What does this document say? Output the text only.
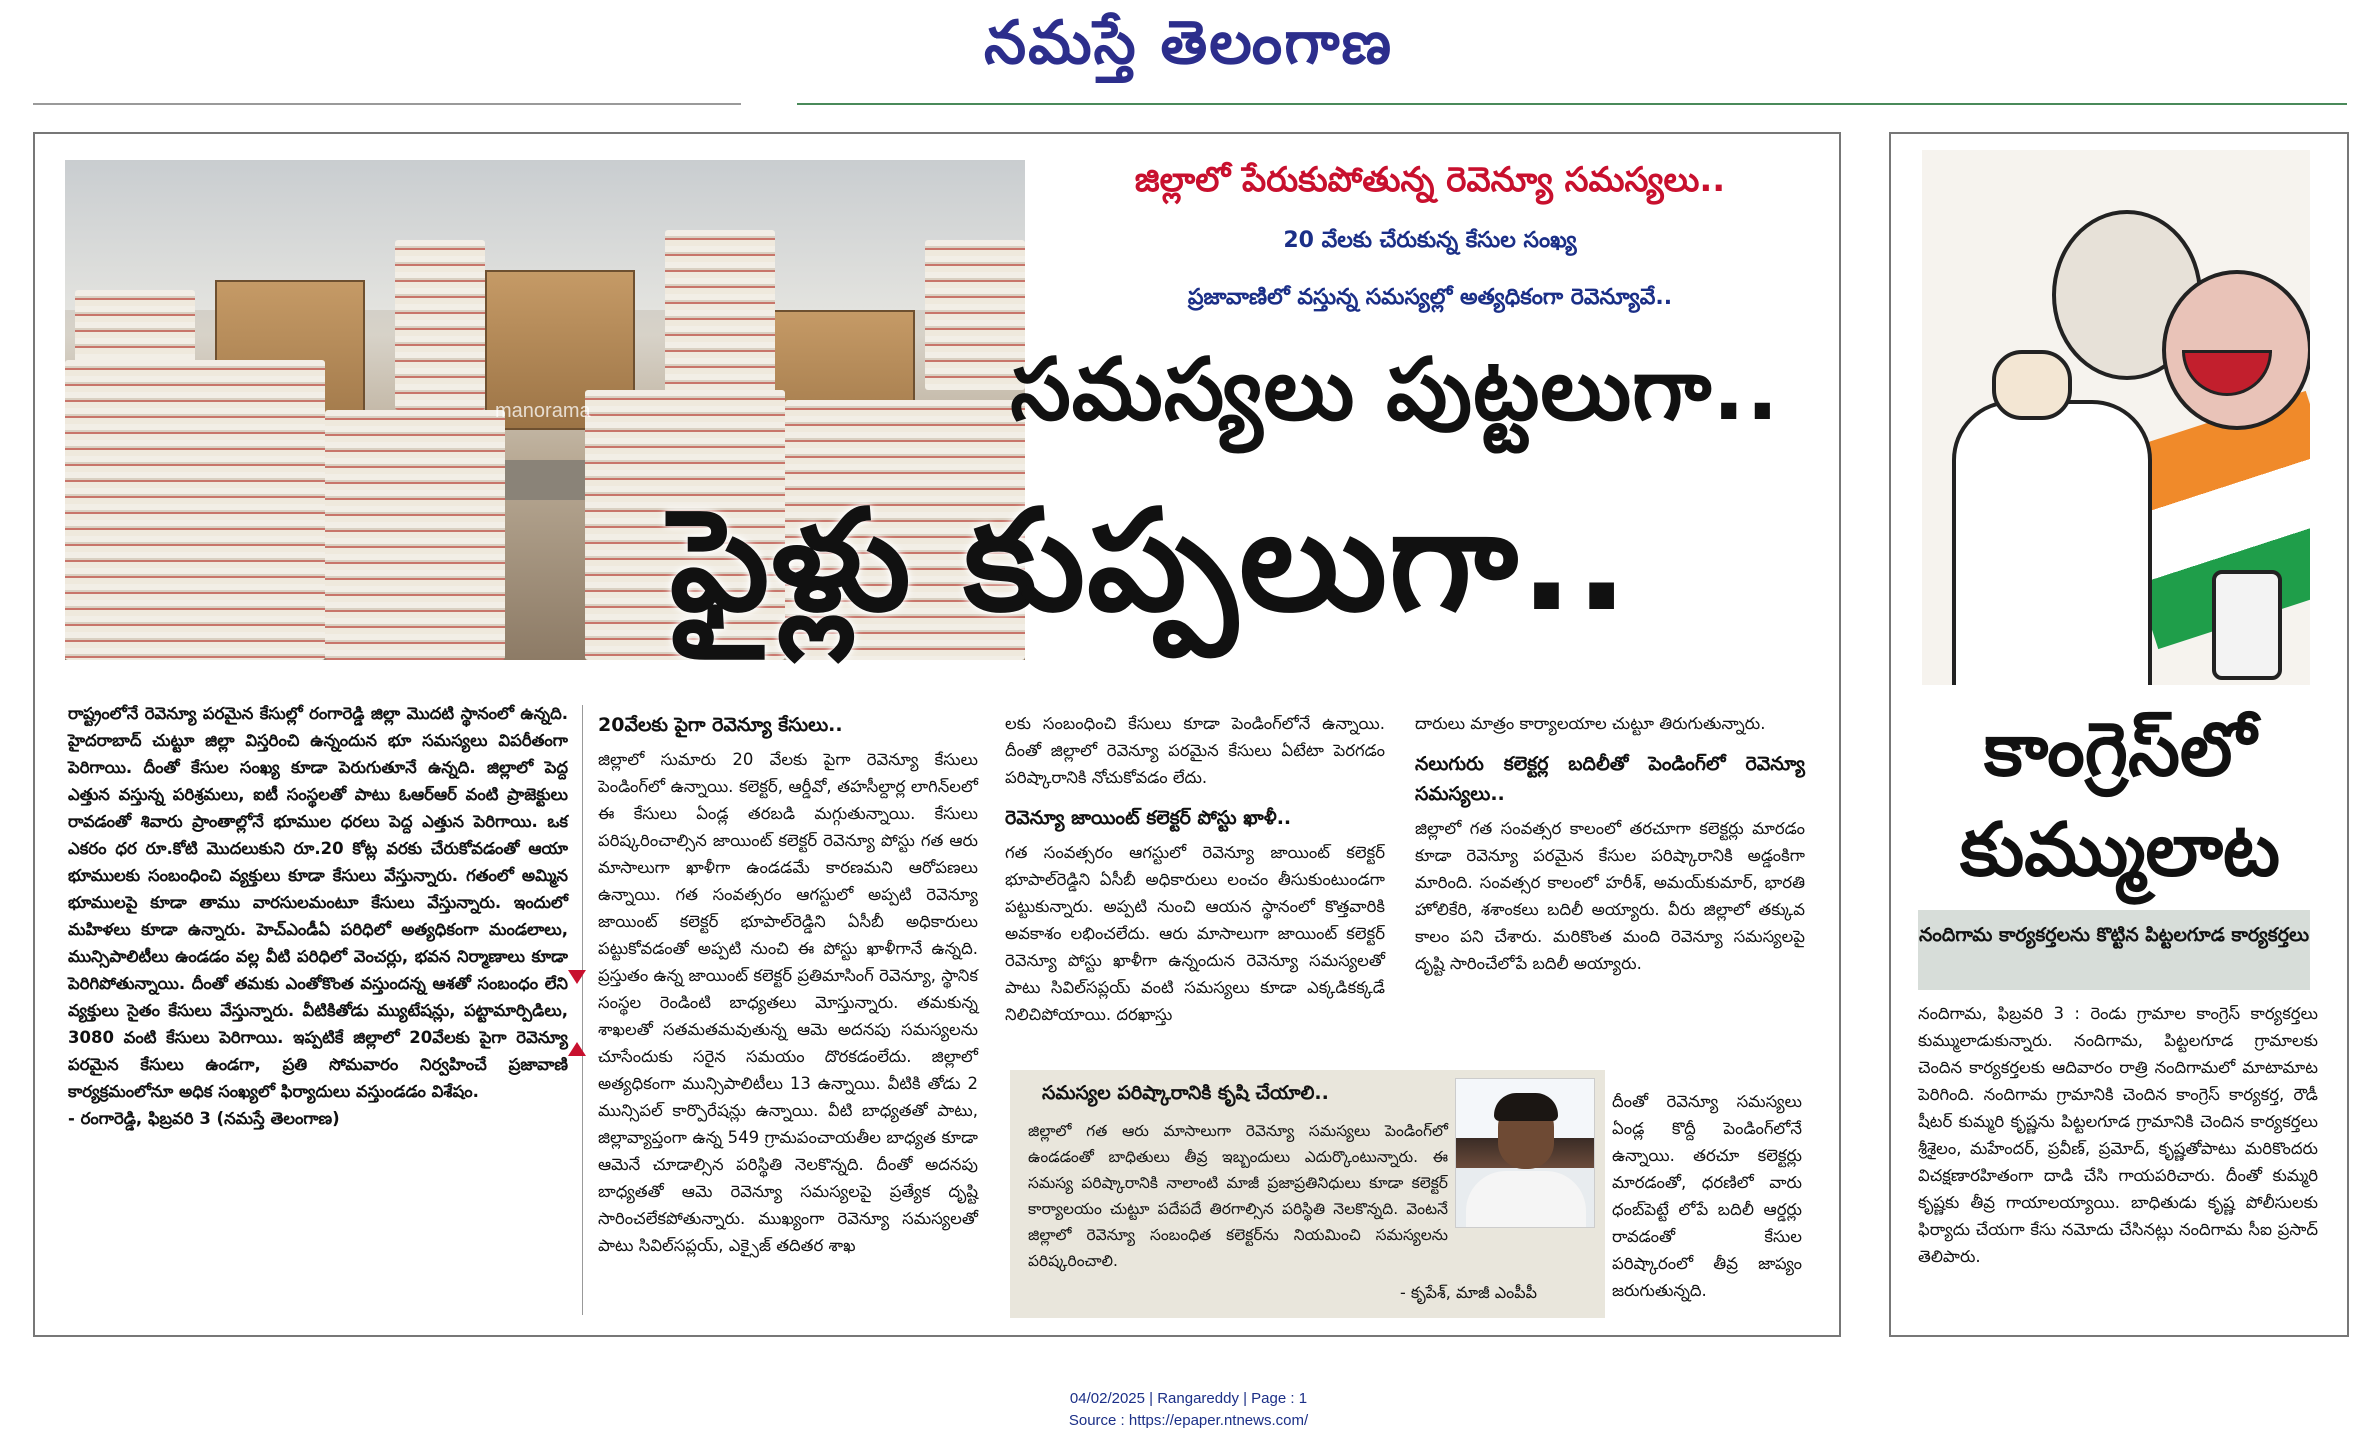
నమస్తే తెలంగాణ
manorama
జిల్లాలో పేరుకుపోతున్న రెవెన్యూ సమస్యలు..
20 వేలకు చేరుకున్న కేసుల సంఖ్య
ప్రజావాణిలో వస్తున్న సమస్యల్లో అత్యధికంగా రెవెన్యూవే..
సమస్యలు పుట్టలుగా..
ఫైళ్లు కుప్పలుగా..

రాష్ట్రంలోనే రెవెన్యూ పరమైన కేసుల్లో రంగారెడ్డి జిల్లా మొదటి స్థానంలో ఉన్నది. హైదరాబాద్ చుట్టూ జిల్లా విస్తరించి ఉన్నందున భూ సమస్యలు విపరీతంగా పెరిగాయి. దీంతో కేసుల సంఖ్య కూడా పెరుగుతూనే ఉన్నది. జిల్లాలో పెద్ద ఎత్తున వస్తున్న పరిశ్రమలు, ఐటీ సంస్థలతో పాటు ఓఆర్ఆర్ వంటి ప్రాజెక్టులు రావడంతో శివారు ప్రాంతాల్లోనే భూముల ధరలు పెద్ద ఎత్తున పెరిగాయి. ఒక ఎకరం ధర రూ.కోటి మొదలుకుని రూ.20 కోట్ల వరకు చేరుకోవడంతో ఆయా భూములకు సంబంధించి వ్యక్తులు కూడా కేసులు వేస్తున్నారు. గతంలో అమ్మిన భూములపై కూడా తాము వారసులమంటూ కేసులు వేస్తున్నారు. ఇందులో మహిళలు కూడా ఉన్నారు. హెచ్ఎండీఏ పరిధిలో అత్యధికంగా మండలాలు, మున్సిపాలిటీలు ఉండడం వల్ల వీటి పరిధిలో వెంచర్లు, భవన నిర్మాణాలు కూడా పెరిగిపోతున్నాయి. దీంతో తమకు ఎంతోకొంత వస్తుందన్న ఆశతో సంబంధం లేని వ్యక్తులు సైతం కేసులు వేస్తున్నారు. వీటికితోడు మ్యుటేషన్లు, పట్టామార్పిడిలు, 3080 వంటి కేసులు పెరిగాయి. ఇప్పటికే జిల్లాలో 20వేలకు పైగా రెవెన్యూ పరమైన కేసులు ఉండగా, ప్రతి సోమవారం నిర్వహించే ప్రజావాణి కార్యక్రమంలోనూ అధిక సంఖ్యలో ఫిర్యాదులు వస్తుండడం విశేషం.

- రంగారెడ్డి, ఫిబ్రవరి 3 (నమస్తే తెలంగాణ)

20వేలకు పైగా రెవెన్యూ కేసులు..

జిల్లాలో సుమారు 20 వేలకు పైగా రెవెన్యూ కేసులు పెండింగ్‌లో ఉన్నాయి. కలెక్టర్, ఆర్డీవో, తహసీల్దార్ల లాగిన్‌లలో ఈ కేసులు ఏండ్ల తరబడి మగ్గుతున్నాయి. కేసులు పరిష్కరించాల్సిన జాయింట్ కలెక్టర్ రెవెన్యూ పోస్టు గత ఆరు మాసాలుగా ఖాళీగా ఉండడమే కారణమని ఆరోపణలు ఉన్నాయి. గత సంవత్సరం ఆగస్టులో అప్పటి రెవెన్యూ జాయింట్ కలెక్టర్ భూపాల్‌రెడ్డిని ఏసీబీ అధికారులు పట్టుకోవడంతో అప్పటి నుంచి ఈ పోస్టు ఖాళీగానే ఉన్నది. ప్రస్తుతం ఉన్న జాయింట్ కలెక్టర్ ప్రతిమాసింగ్ రెవెన్యూ, స్థానిక సంస్థల రెండింటి బాధ్యతలు మోస్తున్నారు. తమకున్న శాఖలతో సతమతమవుతున్న ఆమె అదనపు సమస్యలను చూసేందుకు సరైన సమయం దొరకడంలేదు. జిల్లాలో అత్యధికంగా మున్సిపాలిటీలు 13 ఉన్నాయి. వీటికి తోడు 2 మున్సిపల్ కార్పొరేషన్లు ఉన్నాయి. వీటి బాధ్యతతో పాటు, జిల్లావ్యాప్తంగా ఉన్న 549 గ్రామపంచాయతీల బాధ్యత కూడా ఆమెనే చూడాల్సిన పరిస్థితి నెలకొన్నది. దీంతో అదనపు బాధ్యతతో ఆమె రెవెన్యూ సమస్యలపై ప్రత్యేక దృష్టి సారించలేకపోతున్నారు. ముఖ్యంగా రెవెన్యూ సమస్యలతో పాటు సివిల్‌సప్లయ్, ఎక్సైజ్ తదితర శాఖ

లకు సంబంధించి కేసులు కూడా పెండింగ్‌లోనే ఉన్నాయి. దీంతో జిల్లాలో రెవెన్యూ పరమైన కేసులు ఏటేటా పెరగడం పరిష్కారానికి నోచుకోవడం లేదు.

రెవెన్యూ జాయింట్ కలెక్టర్ పోస్టు ఖాళీ..

గత సంవత్సరం ఆగస్టులో రెవెన్యూ జాయింట్ కలెక్టర్ భూపాల్‌రెడ్డిని ఏసీబీ అధికారులు లంచం తీసుకుంటుండగా పట్టుకున్నారు. అప్పటి నుంచి ఆయన స్థానంలో కొత్తవారికి అవకాశం లభించలేదు. ఆరు మాసాలుగా జాయింట్ కలెక్టర్ రెవెన్యూ పోస్టు ఖాళీగా ఉన్నందున రెవెన్యూ సమస్యలతో పాటు సివిల్‌సప్లయ్ వంటి సమస్యలు కూడా ఎక్కడికక్కడే నిలిచిపోయాయి. దరఖాస్తు

దారులు మాత్రం కార్యాలయాల చుట్టూ తిరుగుతున్నారు.

నలుగురు కలెక్టర్ల బదిలీతో పెండింగ్‌లో రెవెన్యూ సమస్యలు..

జిల్లాలో గత సంవత్సర కాలంలో తరచూగా కలెక్టర్లు మారడం కూడా రెవెన్యూ పరమైన కేసుల పరిష్కారానికి అడ్డంకిగా మారింది. సంవత్సర కాలంలో హరీశ్, అమయ్‌కుమార్, భారతి హోలికేరి, శశాంకలు బదిలీ అయ్యారు. వీరు జిల్లాలో తక్కువ కాలం పని చేశారు. మరికొంత మంది రెవెన్యూ సమస్యలపై దృష్టి సారించేలోపే బదిలీ అయ్యారు.

దీంతో రెవెన్యూ సమస్యలు ఏండ్ల కొద్దీ పెండింగ్‌లోనే ఉన్నాయి. తరచూ కలెక్టర్లు మారడంతో, ధరణిలో వారు ధంబ్‌పెట్టే లోపే బదిలీ ఆర్డర్లు రావడంతో కేసుల పరిష్కారంలో తీవ్ర జాప్యం జరుగుతున్నది.

సమస్యల పరిష్కారానికి కృషి చేయాలి..
జిల్లాలో గత ఆరు మాసాలుగా రెవెన్యూ సమస్యలు పెండింగ్‌లో ఉండడంతో బాధితులు తీవ్ర ఇబ్బందులు ఎదుర్కొంటున్నారు. ఈ సమస్య పరిష్కారానికి నాలాంటి మాజీ ప్రజాప్రతినిధులు కూడా కలెక్టర్ కార్యాలయం చుట్టూ పదేపదే తిరగాల్సిన పరిస్థితి నెలకొన్నది. వెంటనే జిల్లాలో రెవెన్యూ సంబంధిత కలెక్టర్‌ను నియమించి సమస్యలను పరిష్కరించాలి.
- కృపేశ్, మాజీ ఎంపీపీ
కాంగ్రెస్‌లో
కుమ్ములాట
నందిగామ కార్యకర్తలను కొట్టిన పిట్టలగూడ కార్యకర్తలు
నందిగామ, ఫిబ్రవరి 3 : రెండు గ్రామాల కాంగ్రెస్ కార్యకర్తలు కుమ్ములాడుకున్నారు. నందిగామ, పిట్టలగూడ గ్రామాలకు చెందిన కార్యకర్తలకు ఆదివారం రాత్రి నందిగామలో మాటామాట పెరిగింది. నందిగామ గ్రామానికి చెందిన కాంగ్రెస్ కార్యకర్త, రౌడీ షీటర్ కుమ్మరి కృష్ణను పిట్టలగూడ గ్రామానికి చెందిన కార్యకర్తలు శ్రీశైలం, మహేందర్, ప్రవీణ్, ప్రమోద్, కృష్ణతోపాటు మరికొందరు విచక్షణారహితంగా దాడి చేసి గాయపరిచారు. దీంతో కుమ్మరి కృష్ణకు తీవ్ర గాయాలయ్యాయి. బాధితుడు కృష్ణ పోలీసులకు ఫిర్యాదు చేయగా కేసు నమోదు చేసినట్లు నందిగామ సీఐ ప్రసాద్ తెలిపారు.
04/02/2025 | Rangareddy | Page : 1
Source : https://epaper.ntnews.com/
